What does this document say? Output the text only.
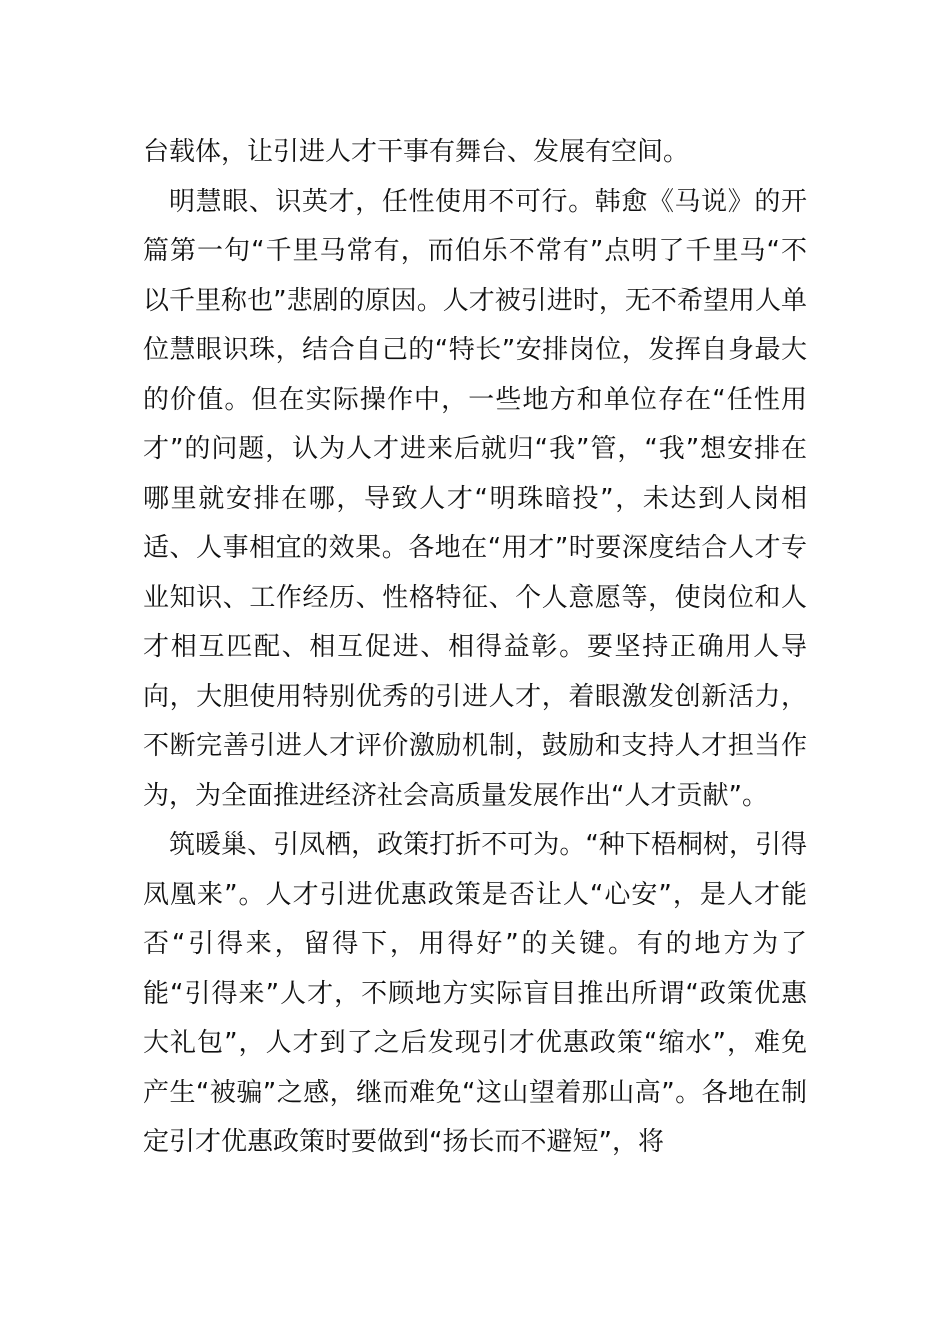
台载体，让引进人才干事有舞台、发展有空间。

明慧眼、识英才，任性使用不可行。韩愈《马说》的开篇第一句“千里马常有，而伯乐不常有”点明了千里马“不以千里称也”悲剧的原因。人才被引进时，无不希望用人单位慧眼识珠，结合自己的“特长”安排岗位，发挥自身最大的价值。但在实际操作中，一些地方和单位存在“任性用才”的问题，认为人才进来后就归“我”管，“我”想安排在哪里就安排在哪，导致人才“明珠暗投”，未达到人岗相适、人事相宜的效果。各地在“用才”时要深度结合人才专业知识、工作经历、性格特征、个人意愿等，使岗位和人才相互匹配、相互促进、相得益彰。要坚持正确用人导向，大胆使用特别优秀的引进人才，着眼激发创新活力，不断完善引进人才评价激励机制，鼓励和支持人才担当作为，为全面推进经济社会高质量发展作出“人才贡献”。

筑暖巢、引凤栖，政策打折不可为。“种下梧桐树，引得凤凰来”。人才引进优惠政策是否让人“心安”，是人才能否“引得来，留得下，用得好”的关键。有的地方为了能“引得来”人才，不顾地方实际盲目推出所谓“政策优惠大礼包”，人才到了之后发现引才优惠政策“缩水”，难免产生“被骗”之感，继而难免“这山望着那山高”。各地在制定引才优惠政策时要做到“扬长而不避短”，将
